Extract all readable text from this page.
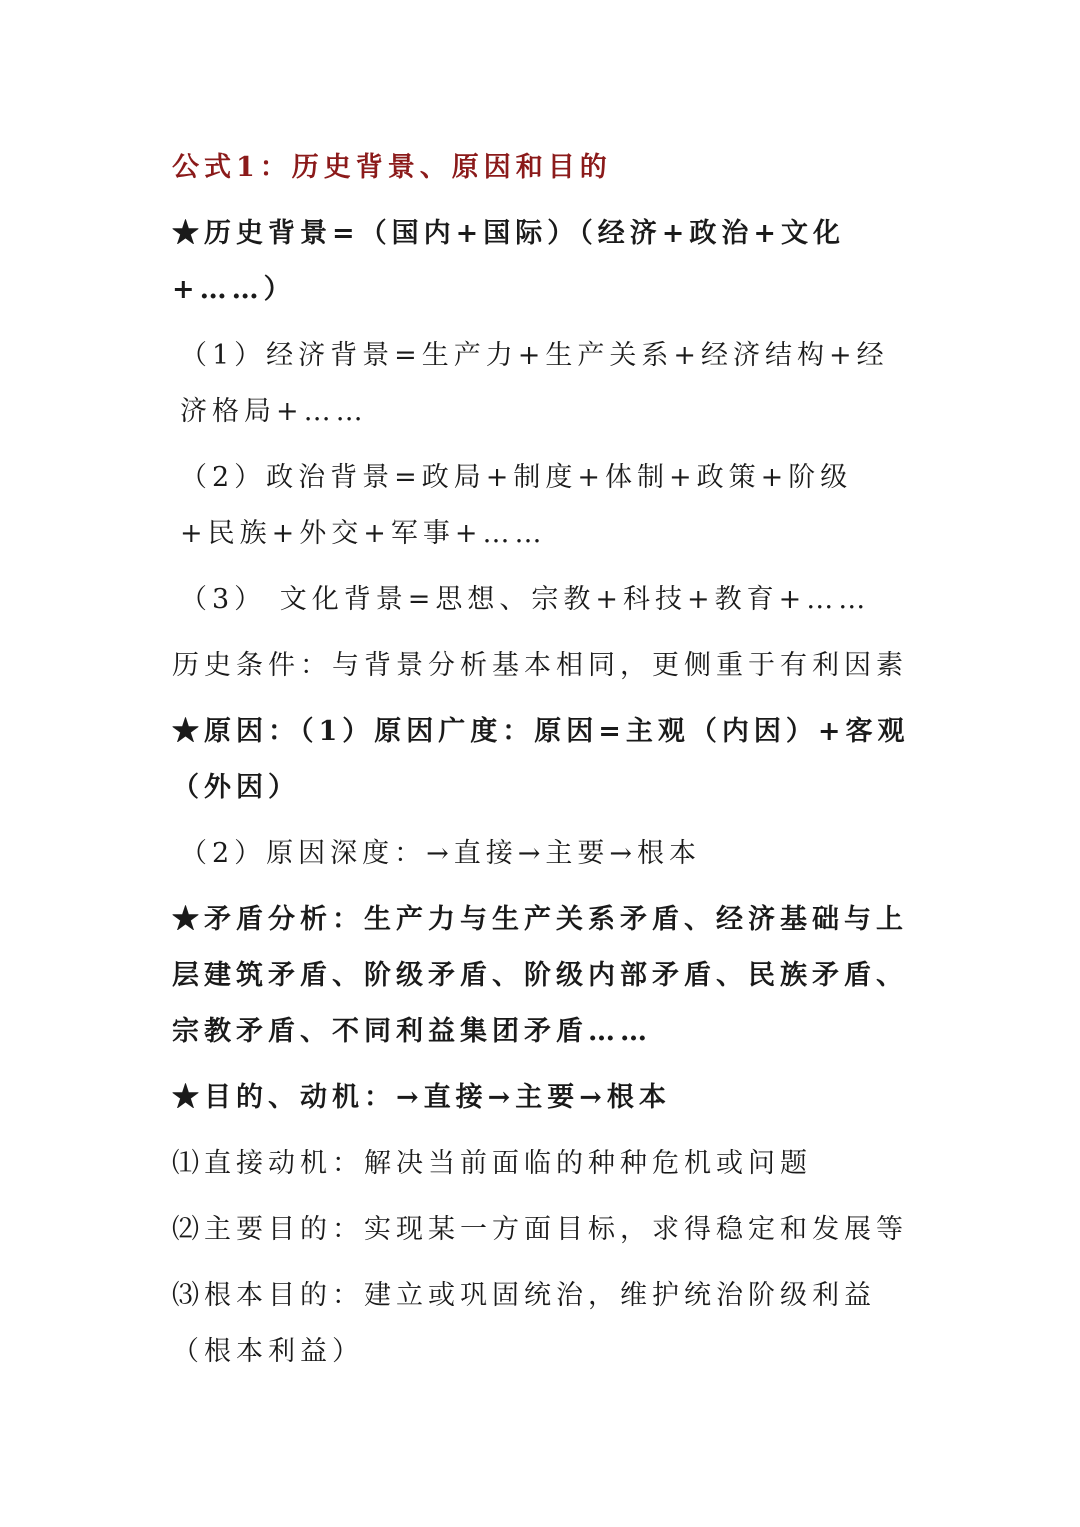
公式1：历史背景、原因和目的

★历史背景=（国内+国际）（经济+政治+文化+……）

（1）经济背景=生产力+生产关系+经济结构+经济格局+……

（2）政治背景=政局+制度+体制+政策+阶级+民族+外交+军事+……

（3） 文化背景=思想、宗教+科技+教育+……

历史条件：与背景分析基本相同，更侧重于有利因素

★原因：（1）原因广度：原因=主观（内因）+客观（外因）

（2）原因深度：→直接→主要→根本

★矛盾分析：生产力与生产关系矛盾、经济基础与上层建筑矛盾、阶级矛盾、阶级内部矛盾、民族矛盾、宗教矛盾、不同利益集团矛盾……

★目的、动机：→直接→主要→根本

⑴直接动机：解决当前面临的种种危机或问题

⑵主要目的：实现某一方面目标，求得稳定和发展等

⑶根本目的：建立或巩固统治，维护统治阶级利益（根本利益）
